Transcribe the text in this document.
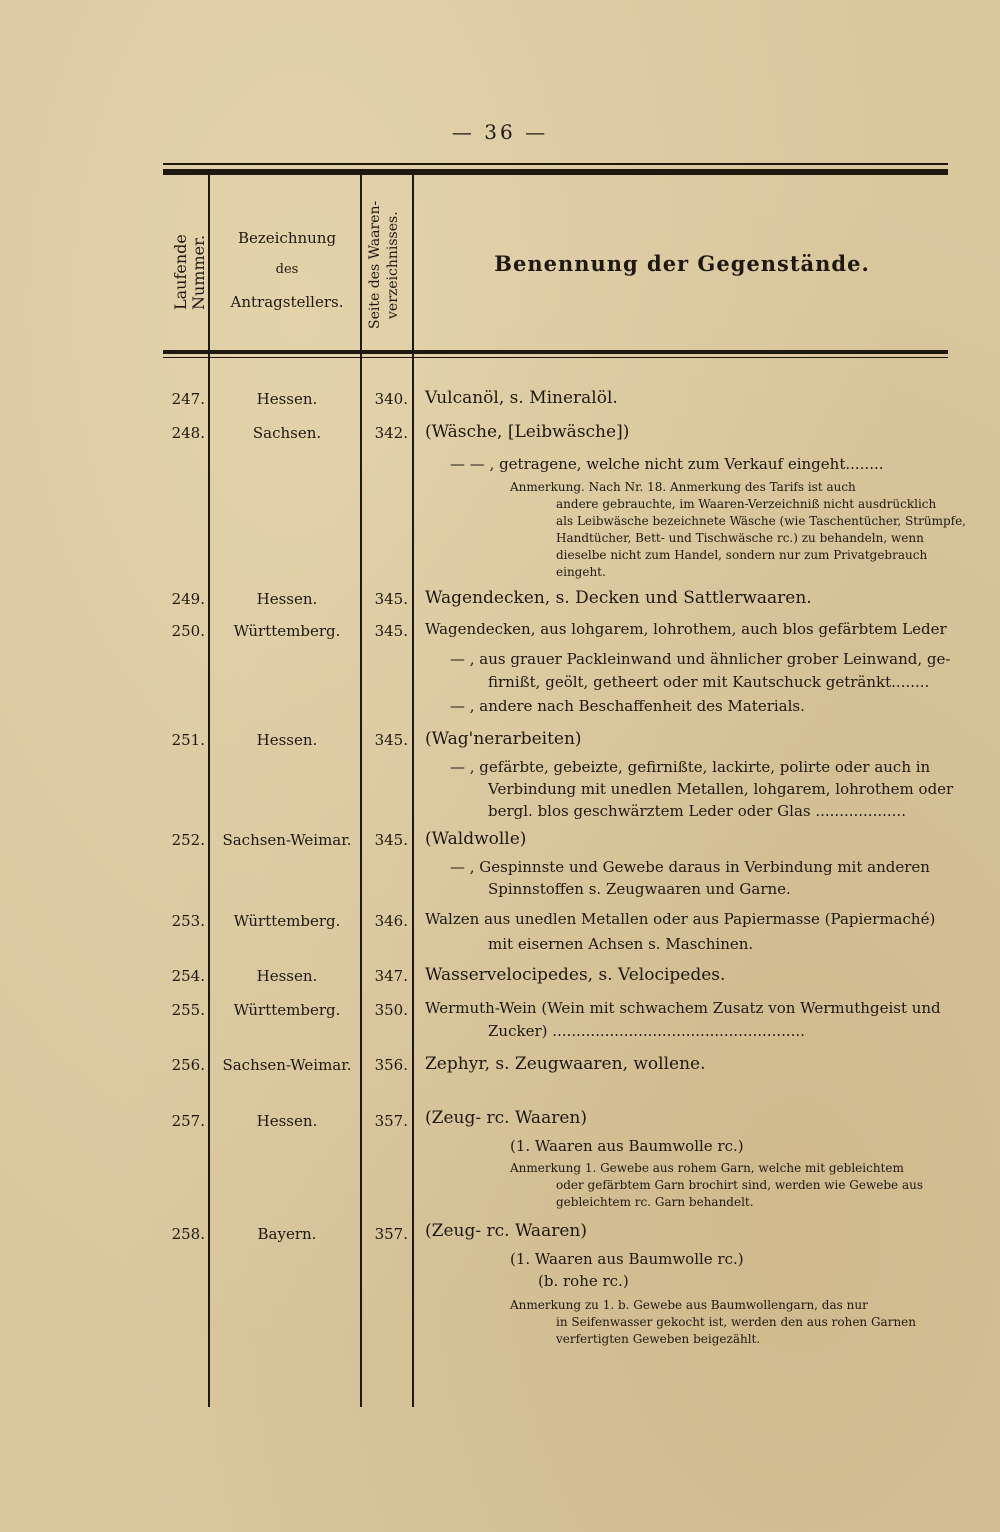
— 36 —
Laufende Nummer.	Bezeichnung
des
Antragstellers.	Seite des Waaren-verzeichnisses.	Benennung der Gegenstände.
247.	Hessen.	340. Vulcanöl, s. Mineralöl.
248.	Sachsen.	342. (Wäsche, [Leibwäsche])
— — , getragene, welche nicht zum Verkauf eingeht........
Anmerkung. Nach Nr. 18. Anmerkung des Tarifs ist auch
andere gebrauchte, im Waaren-Verzeichniß nicht ausdrücklich
als Leibwäsche bezeichnete Wäsche (wie Taschentücher, Strümpfe,
Handtücher, Bett- und Tischwäsche rc.) zu behandeln, wenn
dieselbe nicht zum Handel, sondern nur zum Privatgebrauch
eingeht.
249.	Hessen.	345. Wagendecken, s. Decken und Sattlerwaaren.
250.	Württemberg.	345. Wagendecken, aus lohgarem, lohrothem, auch blos gefärbtem Leder
— , aus grauer Packleinwand und ähnlicher grober Leinwand, ge-
firnißt, geölt, getheert oder mit Kautschuck getränkt........
— , andere nach Beschaffenheit des Materials.
251.	Hessen.	345. (Wag'nerarbeiten)
— , gefärbte, gebeizte, gefirnißte, lackirte, polirte oder auch in
Verbindung mit unedlen Metallen, lohgarem, lohrothem oder
bergl. blos geschwärztem Leder oder Glas ...................
252.	Sachsen-Weimar.	345. (Waldwolle)
— , Gespinnste und Gewebe daraus in Verbindung mit anderen
Spinnstoffen s. Zeugwaaren und Garne.
253.	Württemberg.	346. Walzen aus unedlen Metallen oder aus Papiermasse (Papiermaché)
mit eisernen Achsen s. Maschinen.
254.	Hessen.	347. Wasservelocipedes, s. Velocipedes.
255.	Württemberg.	350. Wermuth-Wein (Wein mit schwachem Zusatz von Wermuthgeist und
Zucker) .....................................................
256.	Sachsen-Weimar.	356. Zephyr, s. Zeugwaaren, wollene.
257.	Hessen.	357. (Zeug- rc. Waaren)
(1. Waaren aus Baumwolle rc.)
Anmerkung 1. Gewebe aus rohem Garn, welche mit gebleichtem
oder gefärbtem Garn brochirt sind, werden wie Gewebe aus
gebleichtem rc. Garn behandelt.
258.	Bayern.	357. (Zeug- rc. Waaren)
(1. Waaren aus Baumwolle rc.)
(b. rohe rc.)
Anmerkung zu 1. b. Gewebe aus Baumwollengarn, das nur
in Seifenwasser gekocht ist, werden den aus rohen Garnen
verfertigten Geweben beigezählt.
